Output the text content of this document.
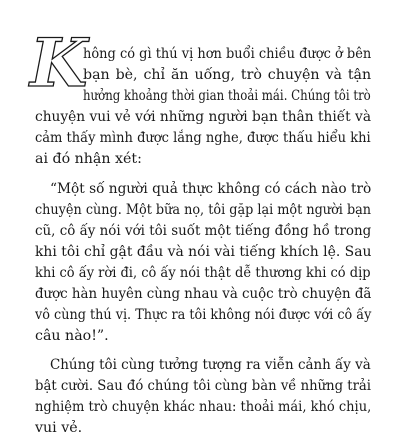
K
hông có gì thú vị hơn buổi chiều được ở bên
bạn bè, chỉ ăn uống, trò chuyện và tận
hưởng khoảng thời gian thoải mái. Chúng tôi trò
chuyện vui vẻ với những người bạn thân thiết và
cảm thấy mình được lắng nghe, được thấu hiểu khi
ai đó nhận xét:
“Một số người quả thực không có cách nào trò
chuyện cùng. Một bữa nọ, tôi gặp lại một người bạn
cũ, cô ấy nói với tôi suốt một tiếng đồng hồ trong
khi tôi chỉ gật đầu và nói vài tiếng khích lệ. Sau
khi cô ấy rời đi, cô ấy nói thật dễ thương khi có dịp
được hàn huyên cùng nhau và cuộc trò chuyện đã
vô cùng thú vị. Thực ra tôi không nói được với cô ấy
câu nào!”.
Chúng tôi cùng tưởng tượng ra viễn cảnh ấy và
bật cười. Sau đó chúng tôi cùng bàn về những trải
nghiệm trò chuyện khác nhau: thoải mái, khó chịu,
vui vẻ.
